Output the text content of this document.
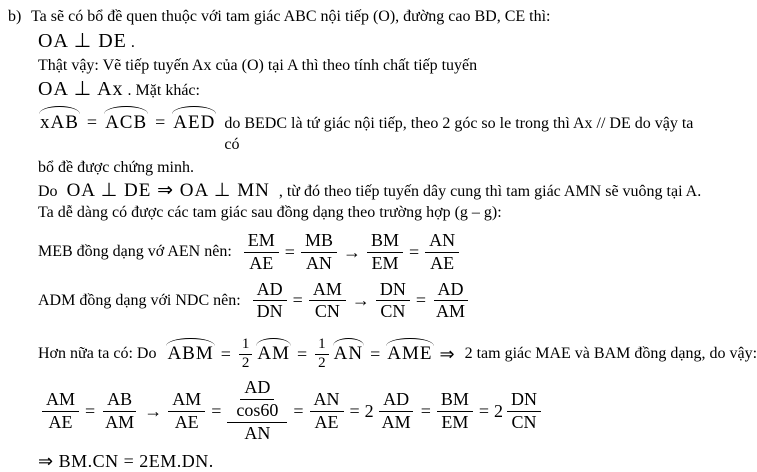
b) Ta sẽ có bổ đề quen thuộc với tam giác ABC nội tiếp (O), đường cao BD, CE thì:
OA ⊥ DE .
Thật vậy: Vẽ tiếp tuyến Ax của (O) tại A thì theo tính chất tiếp tuyến
OA ⊥ Ax . Mặt khác:
xAB = ACB = AED do BEDC là tứ giác nội tiếp, theo 2 góc so le trong thì Ax // DE do vậy ta có
bổ đề được chứng minh.
Do OA ⊥ DE ⇒ OA ⊥ MN , từ đó theo tiếp tuyến dây cung thì tam giác AMN sẽ vuông tại A.
Ta dễ dàng có được các tam giác sau đồng dạng theo trường hợp (g – g):
MEB đồng dạng vớ AEN nên: $\frac{EM}{AE} = \frac{MB}{AN} \to \frac{BM}{EM} = \frac{AN}{AE}$
ADM đồng dạng với NDC nên: $\frac{AD}{DN} = \frac{AM}{CN} \to \frac{DN}{CN} = \frac{AD}{AM}$
Hơn nữa ta có: Do ABM = $\frac{1}{2}$ AM = $\frac{1}{2}$ AN = AME ⇒ 2 tam giác MAE và BAM đồng dạng, do vậy:
$\frac{AM}{AE} = \frac{AB}{AM} \to \frac{AM}{AE} = \frac{\frac{AD}{\cos 60}}{AN} = \frac{AN}{AE} = 2 \frac{AD}{AM} = \frac{BM}{EM} = 2 \frac{DN}{CN}$
⇒ BM.CN = 2EM.DN.
